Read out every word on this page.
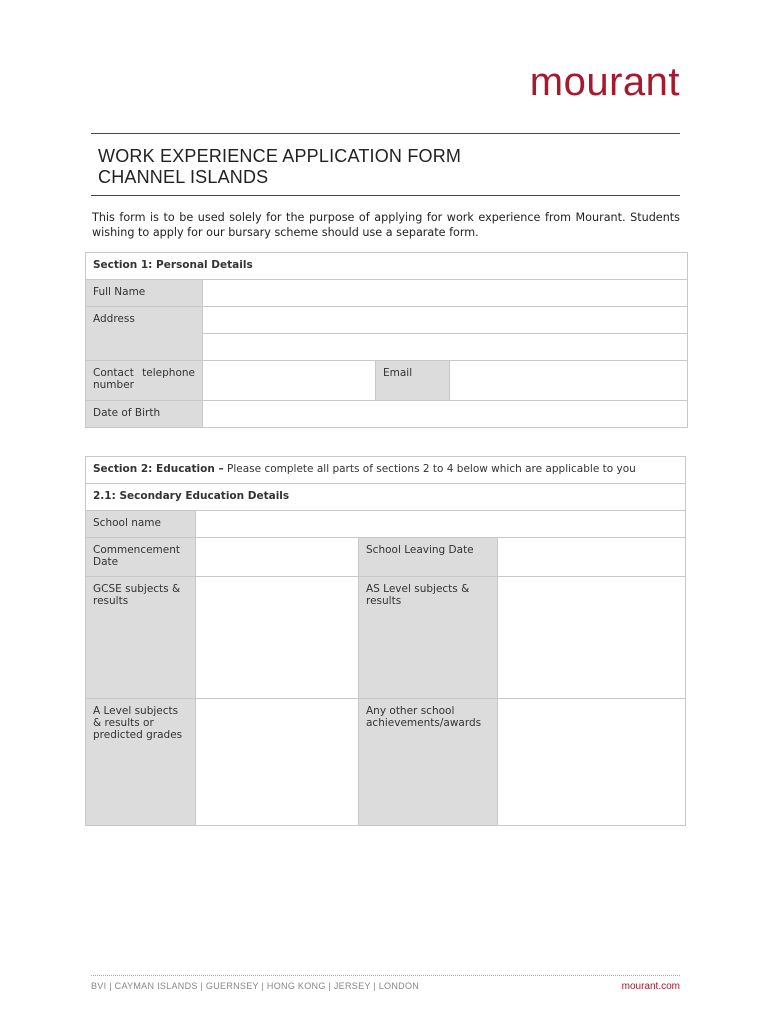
mourant
WORK EXPERIENCE APPLICATION FORM
CHANNEL ISLANDS
This form is to be used solely for the purpose of applying for work experience from Mourant. Students wishing to apply for our bursary scheme should use a separate form.
Section 1: Personal Details			
Full Name			
Address			

Contact telephone number		Email	
Date of Birth			
Section 2: Education – Please complete all parts of sections 2 to 4 below which are applicable to you			
2.1: Secondary Education Details			
School name			
Commencement Date		School Leaving Date	
GCSE subjects & results		AS Level subjects & results	
A Level subjects & results or predicted grades		Any other school achievements/awards	
BVI | CAYMAN ISLANDS | GUERNSEY | HONG KONG | JERSEY | LONDON	mourant.com
